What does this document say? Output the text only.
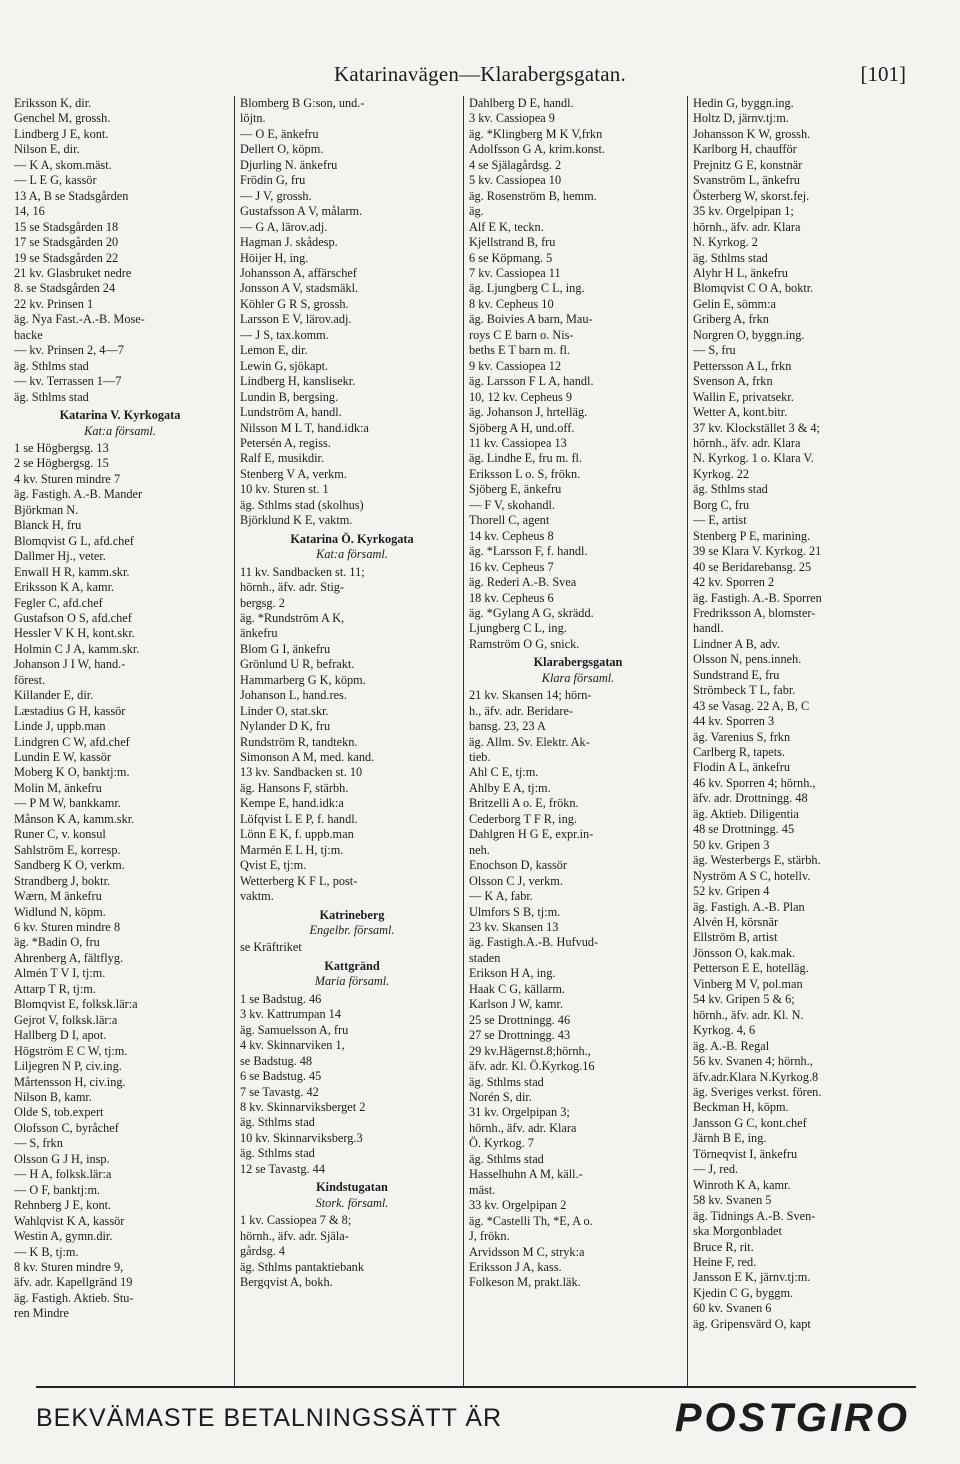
Katarinavägen—Klarabergsgatan.	[101]
Eriksson K, dir.
Genchel M, grossh.
Lindberg J E, kont.
Nilson E, dir.
— K A, skom.mäst.
— L E G, kassör
13 A, B se Stadsgården
14, 16
15 se Stadsgården 18
17 se Stadsgården 20
19 se Stadsgården 22
21 kv. Glasbruket nedre
8. se Stadsgården 24
22 kv. Prinsen 1
äg. Nya Fast.-A.-B. Mose-
backe
— kv. Prinsen 2, 4—7
äg. Sthlms stad
— kv. Terrassen 1—7
äg. Sthlms stad
Katarina V. Kyrkogata
Kat:a församl.
1 se Högbergsg. 13
2 se Högbergsg. 15
4 kv. Sturen mindre 7
äg. Fastigh. A.-B. Mander
Björkman N.
Blanck H, fru
Blomqvist G L, afd.chef
Dallmer Hj., veter.
Enwall H R, kamm.skr.
Eriksson K A, kamr.
Fegler C, afd.chef
Gustafson O S, afd.chef
Hessler V K H, kont.skr.
Holmin C J A, kamm.skr.
Johanson J I W, hand.-
förest.
Killander E, dir.
Læstadius G H, kassör
Linde J, uppb.man
Lindgren C W, afd.chef
Lundin E W, kassör
Moberg K O, banktj:m.
Molin M, änkefru
— P M W, bankkamr.
Månson K A, kamm.skr.
Runer C, v. konsul
Sahlström E, korresp.
Sandberg K O, verkm.
Strandberg J, boktr.
Wærn, M änkefru
Widlund N, köpm.
6 kv. Sturen mindre 8
äg. *Badin O, fru
Ahrenberg A, fältflyg.
Almén T V I, tj:m.
Attarp T R, tj:m.
Blomqvist E, folksk.lär:a
Gejrot V, folksk.lär:a
Hallberg D I, apot.
Högström E C W, tj:m.
Liljegren N P, civ.ing.
Mårtensson H, civ.ing.
Nilson B, kamr.
Olde S, tob.expert
Olofsson C, byråchef
— S, frkn
Olsson G J H, insp.
— H A, folksk.lär:a
— O F, banktj:m.
Rehnberg J E, kont.
Wahlqvist K A, kassör
Westin A, gymn.dir.
— K B, tj:m.
8 kv. Sturen mindre 9,
äfv. adr. Kapellgränd 19
äg. Fastigh. Aktieb. Stu-
ren Mindre
Blomberg B G:son, und.-
löjtn.
— O E, änkefru
Dellert O, köpm.
Djurling N. änkefru
Frödin G, fru
— J V, grossh.
Gustafsson A V, målarm.
— G A, lärov.adj.
Hagman J. skådesp.
Höijer H, ing.
Johansson A, affärschef
Jonsson A V, stadsmäkl.
Köhler G R S, grossh.
Larsson E V, lärov.adj.
— J S, tax.komm.
Lemon E, dir.
Lewin G, sjökapt.
Lindberg H, kanslisekr.
Lundin B, bergsing.
Lundström A, handl.
Nilsson M L T, hand.idk:a
Petersén A, regiss.
Ralf E, musikdir.
Stenberg V A, verkm.
10 kv. Sturen st. 1
äg. Sthlms stad (skolhus)
Björklund K E, vaktm.
Katarina Ö. Kyrkogata
Kat:a församl.
11 kv. Sandbacken st. 11;
hörnh., äfv. adr. Stig-
bergsg. 2
äg. *Rundström A K,
änkefru
Blom G I, änkefru
Grönlund U R, befrakt.
Hammarberg G K, köpm.
Johanson L, hand.res.
Linder O, stat.skr.
Nylander D K, fru
Rundström R, tandtekn.
Simonson A M, med. kand.
13 kv. Sandbacken st. 10
äg. Hansons F, stärbh.
Kempe E, hand.idk:a
Löfqvist L E P, f. handl.
Lönn E K, f. uppb.man
Marmén E L H, tj:m.
Qvist E, tj:m.
Wetterberg K F L, post-
vaktm.
Katrineberg
Engelbr. församl.
se Kräftriket
Kattgränd
Maria församl.
1 se Badstug. 46
3 kv. Kattrumpan 14
äg. Samuelsson A, fru
4 kv. Skinnarviken 1,
se Badstug. 48
6 se Badstug. 45
7 se Tavastg. 42
8 kv. Skinnarviksberget 2
äg. Sthlms stad
10 kv. Skinnarviksberg.3
äg. Sthlms stad
12 se Tavastg. 44
Kindstugatan
Stork. församl.
1 kv. Cassiopea 7 & 8;
hörnh., äfv. adr. Själa-
gårdsg. 4
äg. Sthlms pantaktiebank
Bergqvist A, bokh.
Dahlberg D E, handl.
3 kv. Cassiopea 9
äg. *Klingberg M K V,frkn
Adolfsson G A, krim.konst.
4 se Själagårdsg. 2
5 kv. Cassiopea 10
äg. Rosenström B, hemm.
äg.
Alf E K, teckn.
Kjellstrand B, fru
6 se Köpmang. 5
7 kv. Cassiopea 11
äg. Ljungberg C L, ing.
8 kv. Cepheus 10
äg. Boivies A barn, Mau-
roys C E barn o. Nis-
beths E T barn m. fl.
9 kv. Cassiopea 12
äg. Larsson F L A, handl.
10, 12 kv. Cepheus 9
äg. Johanson J, hrtelläg.
Sjöberg A H, und.off.
11 kv. Cassiopea 13
äg. Lindhe E, fru m. fl.
Eriksson L o. S, frökn.
Sjöberg E, änkefru
— F V, skohandl.
Thorell C, agent
14 kv. Cepheus 8
äg. *Larsson F, f. handl.
16 kv. Cepheus 7
äg. Rederi A.-B. Svea
18 kv. Cepheus 6
äg. *Gylang A G, skrädd.
Ljungberg C L, ing.
Ramström O G, snick.
Klarabergsgatan
Klara församl.
21 kv. Skansen 14; hörn-
h., äfv. adr. Beridare-
bansg. 23, 23 A
äg. Allm. Sv. Elektr. Ak-
tieb.
Ahl C E, tj:m.
Ahlby E A, tj:m.
Britzelli A o. E, frökn.
Cederborg T F R, ing.
Dahlgren H G E, expr.in-
neh.
Enochson D, kassör
Olsson C J, verkm.
— K A, fabr.
Ulmfors S B, tj:m.
23 kv. Skansen 13
äg. Fastigh.A.-B. Hufvud-
staden
Erikson H A, ing.
Haak C G, källarm.
Karlson J W, kamr.
25 se Drottningg. 46
27 se Drottningg. 43
29 kv.Hägernst.8;hörnh.,
äfv. adr. Kl. Ö.Kyrkog.16
äg. Sthlms stad
Norén S, dir.
31 kv. Orgelpipan 3;
hörnh., äfv. adr. Klara
Ö. Kyrkog. 7
äg. Sthlms stad
Hasselhuhn A M, käll.-
mäst.
33 kv. Orgelpipan 2
äg. *Castelli Th, *E, A o.
J, frökn.
Arvidsson M C, stryk:a
Eriksson J A, kass.
Folkeson M, prakt.läk.
Hedin G, byggn.ing.
Holtz D, järnv.tj:m.
Johansson K W, grossh.
Karlborg H, chaufför
Prejnitz G E, konstnär
Svanström L, änkefru
Österberg W, skorst.fej.
35 kv. Orgelpipan 1;
hörnh., äfv. adr. Klara
N. Kyrkog. 2
äg. Sthlms stad
Alyhr H L, änkefru
Blomqvist C O A, boktr.
Gelin E, sömm:a
Griberg A, frkn
Norgren O, byggn.ing.
— S, fru
Pettersson A L, frkn
Svenson A, frkn
Wallin E, privatsekr.
Wetter A, kont.bitr.
37 kv. Klockstället 3 & 4;
hörnh., äfv. adr. Klara
N. Kyrkog. 1 o. Klara V.
Kyrkog. 22
äg. Sthlms stad
Borg C, fru
— E, artist
Stenberg P E, marining.
39 se Klara V. Kyrkog. 21
40 se Beridarebansg. 25
42 kv. Sporren 2
äg. Fastigh. A.-B. Sporren
Fredriksson A, blomster-
handl.
Lindner A B, adv.
Olsson N, pens.inneh.
Sundstrand E, fru
Strömbeck T L, fabr.
43 se Vasag. 22 A, B, C
44 kv. Sporren 3
äg. Varenius S, frkn
Carlberg R, tapets.
Flodin A L, änkefru
46 kv. Sporren 4; hörnh.,
äfv. adr. Drottningg. 48
äg. Aktieb. Diligentia
48 se Drottningg. 45
50 kv. Gripen 3
äg. Westerbergs E, stärbh.
Nyström A S C, hotellv.
52 kv. Gripen 4
äg. Fastigh. A.-B. Plan
Alvén H, körsnär
Ellström B, artist
Jönsson O, kak.mak.
Petterson E E, hotelläg.
Vinberg M V, pol.man
54 kv. Gripen 5 & 6;
hörnh., äfv. adr. Kl. N.
Kyrkog. 4, 6
äg. A.-B. Regal
56 kv. Svanen 4; hörnh.,
äfv.adr.Klara N.Kyrkog.8
äg. Sveriges verkst. fören.
Beckman H, köpm.
Jansson G C, kont.chef
Järnh B E, ing.
Törneqvist I, änkefru
— J, red.
Winroth K A, kamr.
58 kv. Svanen 5
äg. Tidnings A.-B. Sven-
ska Morgonbladet
Bruce R, rit.
Heine F, red.
Jansson E K, järnv.tj:m.
Kjedin C G, byggm.
60 kv. Svanen 6
äg. Gripensvärd O, kapt
BEKVÄMASTE BETALNINGSSÄTT ÄR	POSTGIRO
